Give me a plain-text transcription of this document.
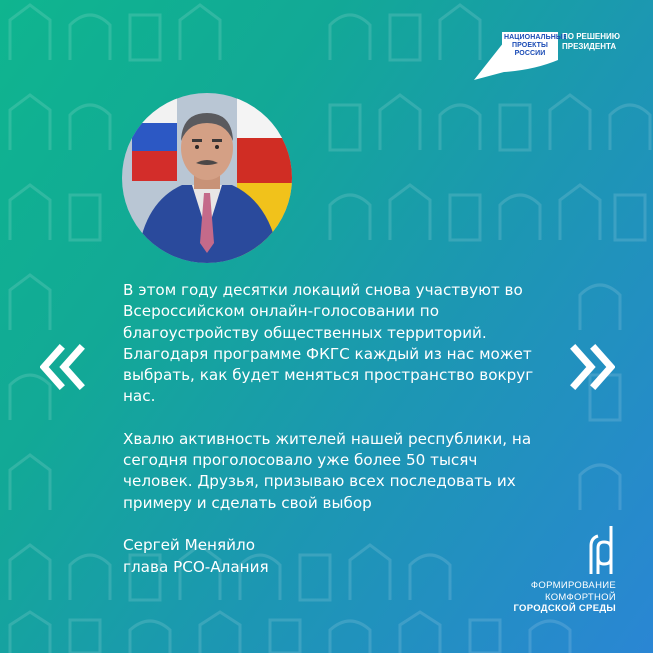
НАЦИОНАЛЬНЫЕ ПРОЕКТЫ РОССИИ
ПО РЕШЕНИЮ
ПРЕЗИДЕНТА

В этом году десятки локаций снова участвуют во Всероссийском онлайн-голосовании по благоустройству общественных территорий. Благодаря программе ФКГС каждый из нас может выбрать, как будет меняться пространство вокруг нас.

Хвалю активность жителей нашей республики, на сегодня проголосовало уже более 50 тысяч человек. Друзья, призываю всех последовать их примеру и сделать свой выбор

Сергей Меняйло
глава РСО-Алания
ФОРМИРОВАНИЕ
КОМФОРТНОЙ
ГОРОДСКОЙ СРЕДЫ
